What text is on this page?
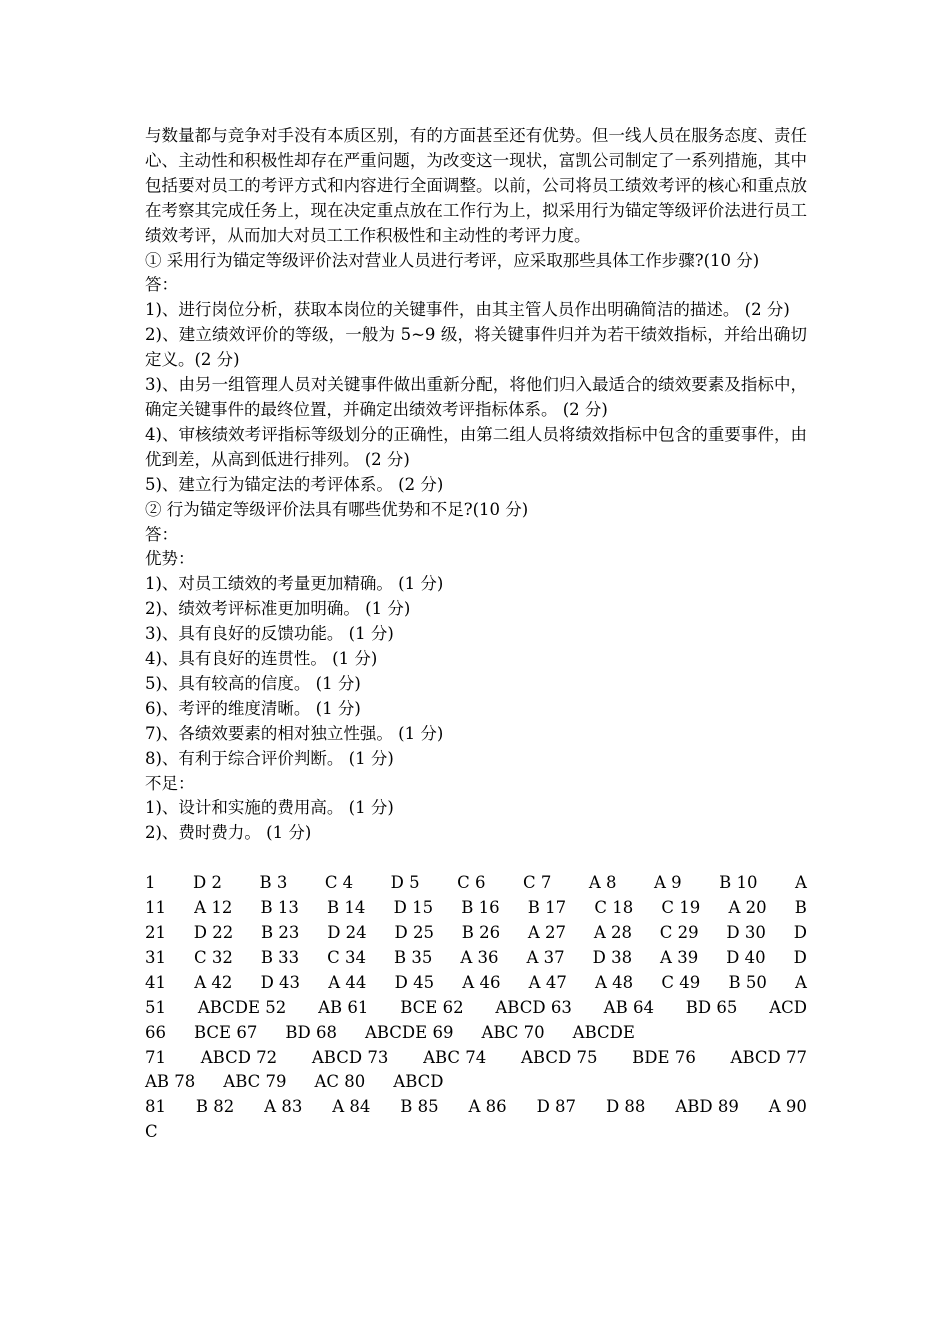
与数量都与竞争对手没有本质区别，有的方面甚至还有优势。但一线人员在服务态度、责任心、主动性和积极性却存在严重问题，为改变这一现状，富凯公司制定了一系列措施，其中包括要对员工的考评方式和内容进行全面调整。以前，公司将员工绩效考评的核心和重点放在考察其完成任务上，现在决定重点放在工作行为上，拟采用行为锚定等级评价法进行员工绩效考评，从而加大对员工工作积极性和主动性的考评力度。

① 采用行为锚定等级评价法对营业人员进行考评，应采取那些具体工作步骤?(10 分)

答：

1)、进行岗位分析，获取本岗位的关键事件，由其主管人员作出明确简洁的描述。 (2 分)

2)、建立绩效评价的等级，一般为 5~9 级，将关键事件归并为若干绩效指标，并给出确切定义。(2 分)

3)、由另一组管理人员对关键事件做出重新分配，将他们归入最适合的绩效要素及指标中，确定关键事件的最终位置，并确定出绩效考评指标体系。 (2 分)

4)、审核绩效考评指标等级划分的正确性，由第二组人员将绩效指标中包含的重要事件，由优到差，从高到低进行排列。 (2 分)

5)、建立行为锚定法的考评体系。 (2 分)

② 行为锚定等级评价法具有哪些优势和不足?(10 分)

答：

优势：

1)、对员工绩效的考量更加精确。 (1 分)

2)、绩效考评标准更加明确。 (1 分)

3)、具有良好的反馈功能。 (1 分)

4)、具有良好的连贯性。 (1 分)

5)、具有较高的信度。 (1 分)

6)、考评的维度清晰。 (1 分)

7)、各绩效要素的相对独立性强。 (1 分)

8)、有利于综合评价判断。 (1 分)

不足：

1)、设计和实施的费用高。 (1 分)

2)、费时费力。 (1 分)

1 D 2 B 3 C 4 D 5 C 6 C 7 A 8 A 9 B 10 A
11 A 12 B 13 B 14 D 15 B 16 B 17 C 18 C 19 A 20 B
21 D 22 B 23 D 24 D 25 B 26 A 27 A 28 C 29 D 30 D
31 C 32 B 33 C 34 B 35 A 36 A 37 D 38 A 39 D 40 D
41 A 42 D 43 A 44 D 45 A 46 A 47 A 48 C 49 B 50 A
51 ABCDE 52 AB 61 BCE 62 ABCD 63 AB 64 BD 65 ACD
66 BCE 67 BD 68 ABCDE 69 ABC 70 ABCDE
71 ABCD 72 ABCD 73 ABC 74 ABCD 75 BDE 76 ABCD 77
AB 78 ABC 79 AC 80 ABCD
81 B 82 A 83 A 84 B 85 A 86 D 87 D 88 ABD 89 A 90
C
